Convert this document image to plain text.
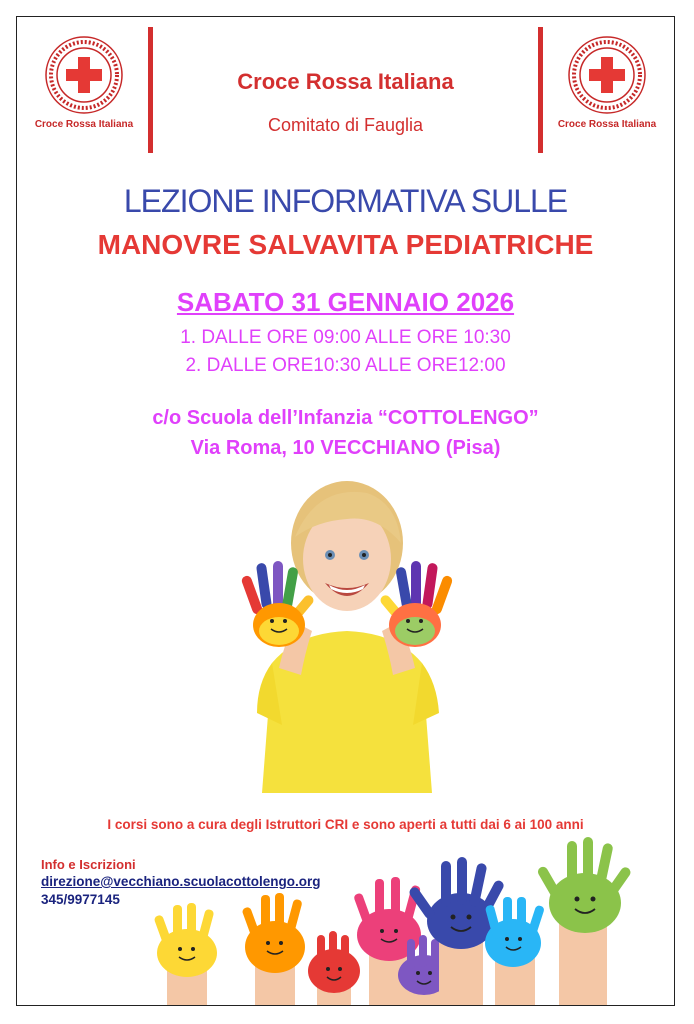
Croce Rossa Italiana	Croce Rossa Italiana
Croce Rossa Italiana
Comitato di Fauglia
LEZIONE INFORMATIVA SULLE
MANOVRE SALVAVITA PEDIATRICHE
SABATO 31 GENNAIO 2026
1. DALLE ORE 09:00 ALLE ORE 10:30
2. DALLE ORE10:30 ALLE ORE12:00
c/o Scuola dell’Infanzia “COTTOLENGO”
Via Roma, 10 VECCHIANO (Pisa)
I corsi sono a cura degli Istruttori CRI e sono aperti a tutti dai 6 ai 100 anni
Info e Iscrizioni
direzione@vecchiano.scuolacottolengo.org
345/9977145
